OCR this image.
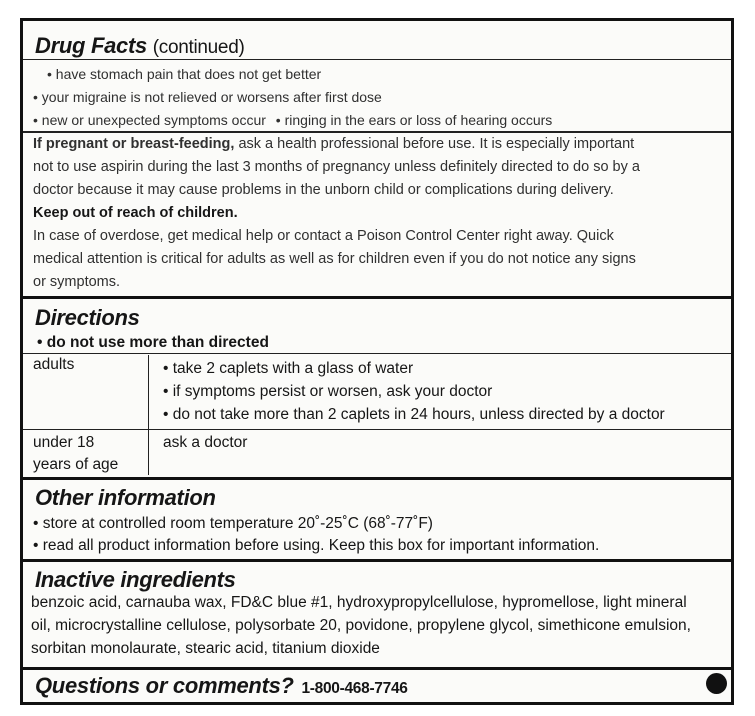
Drug Facts (continued)
• have stomach pain that does not get better
• your migraine is not relieved or worsens after first dose
• new or unexpected symptoms occur • ringing in the ears or loss of hearing occurs
If pregnant or breast-feeding, ask a health professional before use. It is especially important
not to use aspirin during the last 3 months of pregnancy unless definitely directed to do so by a
doctor because it may cause problems in the unborn child or complications during delivery.
Keep out of reach of children.
In case of overdose, get medical help or contact a Poison Control Center right away. Quick
medical attention is critical for adults as well as for children even if you do not notice any signs
or symptoms.
Directions
• do not use more than directed
adults	• take 2 caplets with a glass of water
• if symptoms persist or worsen, ask your doctor
• do not take more than 2 caplets in 24 hours, unless directed by a doctor
under 18
years of age
ask a doctor
Other information
• store at controlled room temperature 20˚-25˚C (68˚-77˚F)
• read all product information before using. Keep this box for important information.
Inactive ingredients
benzoic acid, carnauba wax, FD&C blue #1, hydroxypropylcellulose, hypromellose, light mineral
oil, microcrystalline cellulose, polysorbate 20, povidone, propylene glycol, simethicone emulsion,
sorbitan monolaurate, stearic acid, titanium dioxide
Questions or comments? 1-800-468-7746
